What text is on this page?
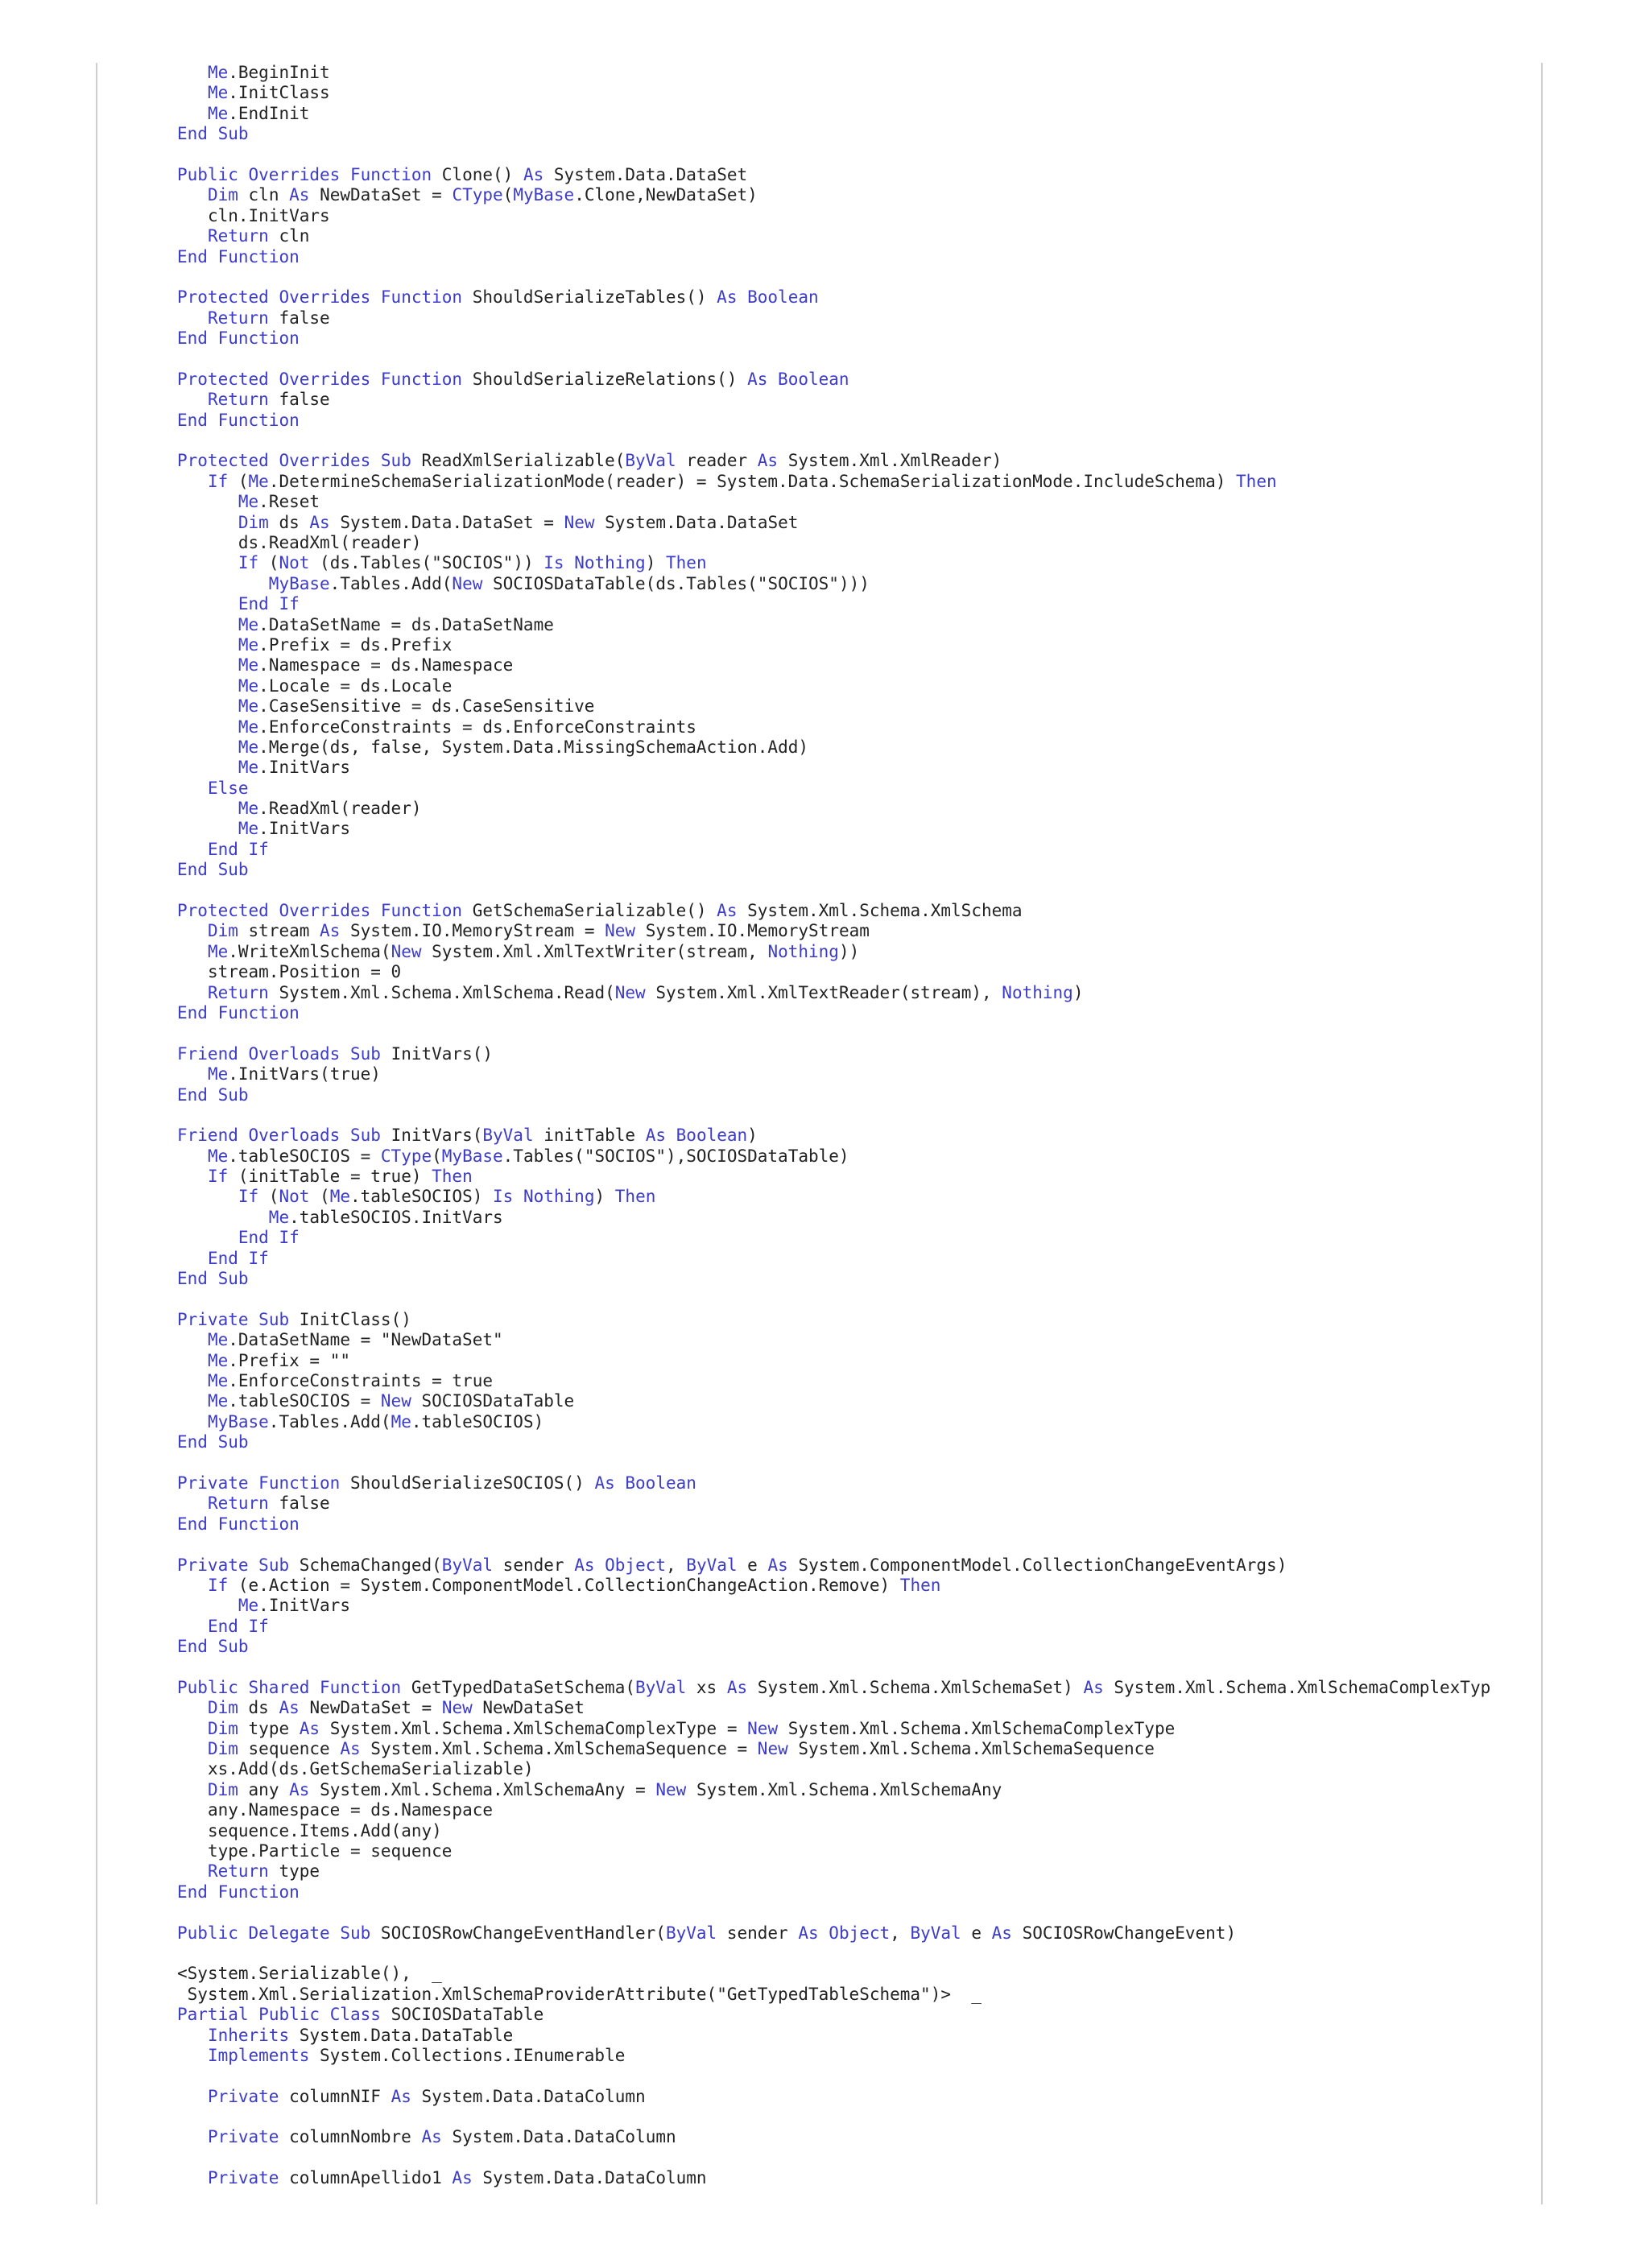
Me.BeginInit
Me.InitClass
Me.EndInit
End Sub

Public Overrides Function Clone() As System.Data.DataSet
Dim cln As NewDataSet = CType(MyBase.Clone,NewDataSet)
cln.InitVars
Return cln
End Function

Protected Overrides Function ShouldSerializeTables() As Boolean
Return false
End Function

Protected Overrides Function ShouldSerializeRelations() As Boolean
Return false
End Function

Protected Overrides Sub ReadXmlSerializable(ByVal reader As System.Xml.XmlReader)
If (Me.DetermineSchemaSerializationMode(reader) = System.Data.SchemaSerializationMode.IncludeSchema) Then
Me.Reset
Dim ds As System.Data.DataSet = New System.Data.DataSet
ds.ReadXml(reader)
If (Not (ds.Tables("SOCIOS")) Is Nothing) Then
MyBase.Tables.Add(New SOCIOSDataTable(ds.Tables("SOCIOS")))
End If
Me.DataSetName = ds.DataSetName
Me.Prefix = ds.Prefix
Me.Namespace = ds.Namespace
Me.Locale = ds.Locale
Me.CaseSensitive = ds.CaseSensitive
Me.EnforceConstraints = ds.EnforceConstraints
Me.Merge(ds, false, System.Data.MissingSchemaAction.Add)
Me.InitVars
Else
Me.ReadXml(reader)
Me.InitVars
End If
End Sub

Protected Overrides Function GetSchemaSerializable() As System.Xml.Schema.XmlSchema
Dim stream As System.IO.MemoryStream = New System.IO.MemoryStream
Me.WriteXmlSchema(New System.Xml.XmlTextWriter(stream, Nothing))
stream.Position = 0
Return System.Xml.Schema.XmlSchema.Read(New System.Xml.XmlTextReader(stream), Nothing)
End Function

Friend Overloads Sub InitVars()
Me.InitVars(true)
End Sub

Friend Overloads Sub InitVars(ByVal initTable As Boolean)
Me.tableSOCIOS = CType(MyBase.Tables("SOCIOS"),SOCIOSDataTable)
If (initTable = true) Then
If (Not (Me.tableSOCIOS) Is Nothing) Then
Me.tableSOCIOS.InitVars
End If
End If
End Sub

Private Sub InitClass()
Me.DataSetName = "NewDataSet"
Me.Prefix = ""
Me.EnforceConstraints = true
Me.tableSOCIOS = New SOCIOSDataTable
MyBase.Tables.Add(Me.tableSOCIOS)
End Sub

Private Function ShouldSerializeSOCIOS() As Boolean
Return false
End Function

Private Sub SchemaChanged(ByVal sender As Object, ByVal e As System.ComponentModel.CollectionChangeEventArgs)
If (e.Action = System.ComponentModel.CollectionChangeAction.Remove) Then
Me.InitVars
End If
End Sub

Public Shared Function GetTypedDataSetSchema(ByVal xs As System.Xml.Schema.XmlSchemaSet) As System.Xml.Schema.XmlSchemaComplexTyp
Dim ds As NewDataSet = New NewDataSet
Dim type As System.Xml.Schema.XmlSchemaComplexType = New System.Xml.Schema.XmlSchemaComplexType
Dim sequence As System.Xml.Schema.XmlSchemaSequence = New System.Xml.Schema.XmlSchemaSequence
xs.Add(ds.GetSchemaSerializable)
Dim any As System.Xml.Schema.XmlSchemaAny = New System.Xml.Schema.XmlSchemaAny
any.Namespace = ds.Namespace
sequence.Items.Add(any)
type.Particle = sequence
Return type
End Function

Public Delegate Sub SOCIOSRowChangeEventHandler(ByVal sender As Object, ByVal e As SOCIOSRowChangeEvent)

<System.Serializable(),  _
System.Xml.Serialization.XmlSchemaProviderAttribute("GetTypedTableSchema")>  _
Partial Public Class SOCIOSDataTable
Inherits System.Data.DataTable
Implements System.Collections.IEnumerable

Private columnNIF As System.Data.DataColumn

Private columnNombre As System.Data.DataColumn

Private columnApellido1 As System.Data.DataColumn
